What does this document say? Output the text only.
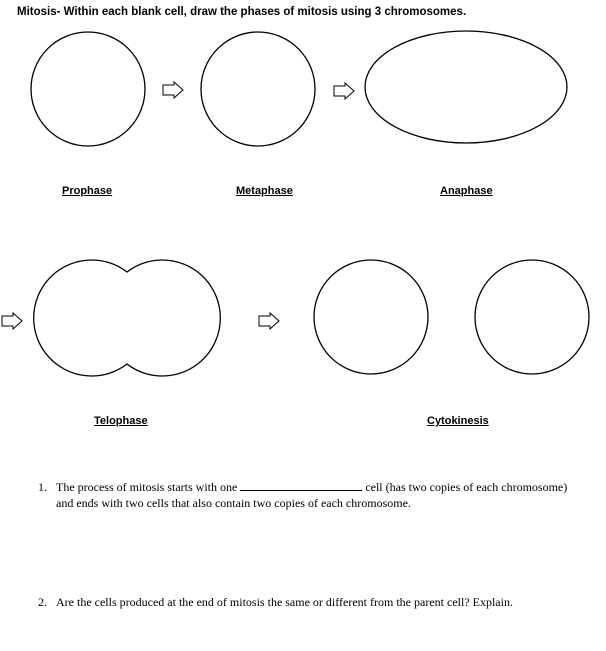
Mitosis- Within each blank cell, draw the phases of mitosis using 3 chromosomes.
Prophase	Metaphase	Anaphase
Telophase	Cytokinesis
1. The process of mitosis starts with one	cell (has two copies of each chromosome)
and ends with two cells that also contain two copies of each chromosome.
2. Are the cells produced at the end of mitosis the same or different from the parent cell? Explain.
